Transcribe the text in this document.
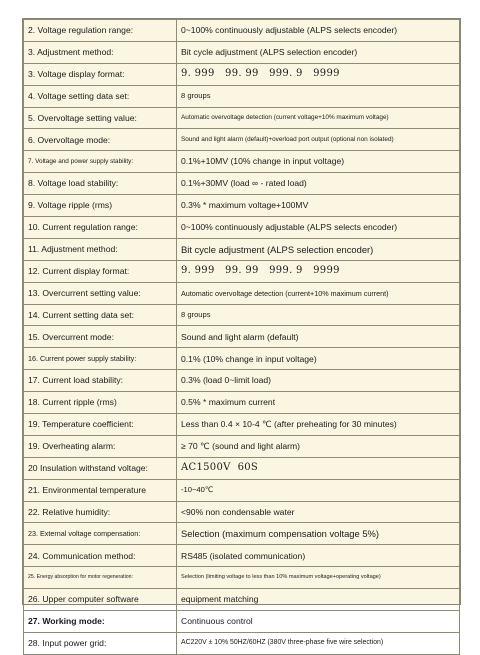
2. Voltage regulation range:	0~100% continuously adjustable (ALPS selects encoder)
3. Adjustment method:	Bit cycle adjustment (ALPS selection encoder)
3. Voltage display format:	9. 999   99. 99   999. 9   9999
4. Voltage setting data set:	8 groups
5. Overvoltage setting value:	Automatic overvoltage detection (current voltage+10% maximum voltage)
6. Overvoltage mode:	Sound and light alarm (default)+overload port output (optional non isolated)
7. Voltage and power supply stability:	0.1%+10MV (10% change in input voltage)
8. Voltage load stability:	0.1%+30MV (load ∞ - rated load)
9. Voltage ripple (rms)	0.3% * maximum voltage+100MV
10. Current regulation range:	0~100% continuously adjustable (ALPS selects encoder)
11. Adjustment method:	Bit cycle adjustment (ALPS selection encoder)
12. Current display format:	9. 999   99. 99   999. 9   9999
13. Overcurrent setting value:	Automatic overvoltage detection (current+10% maximum current)
14. Current setting data set:	8 groups
15. Overcurrent mode:	Sound and light alarm (default)
16. Current power supply stability:	0.1% (10% change in input voltage)
17. Current load stability:	0.3% (load 0~limit load)
18. Current ripple (rms)	0.5% * maximum current
19. Temperature coefficient:	Less than 0.4 × 10-4 ℃ (after preheating for 30 minutes)
19. Overheating alarm:	≥ 70 ℃ (sound and light alarm)
20 Insulation withstand voltage:	AC1500V  60S
21. Environmental temperature	-10~40℃
22. Relative humidity:	<90% non condensable water
23. External voltage compensation:	Selection (maximum compensation voltage 5%)
24. Communication method:	RS485 (isolated communication)
25. Energy absorption for motor regeneration:	Selection (limiting voltage to less than 10% maximum voltage+operating voltage)
26. Upper computer software	equipment matching
27. Working mode:	Continuous control
28. Input power grid:	AC220V ± 10% 50HZ/60HZ (380V three-phase five wire selection)
